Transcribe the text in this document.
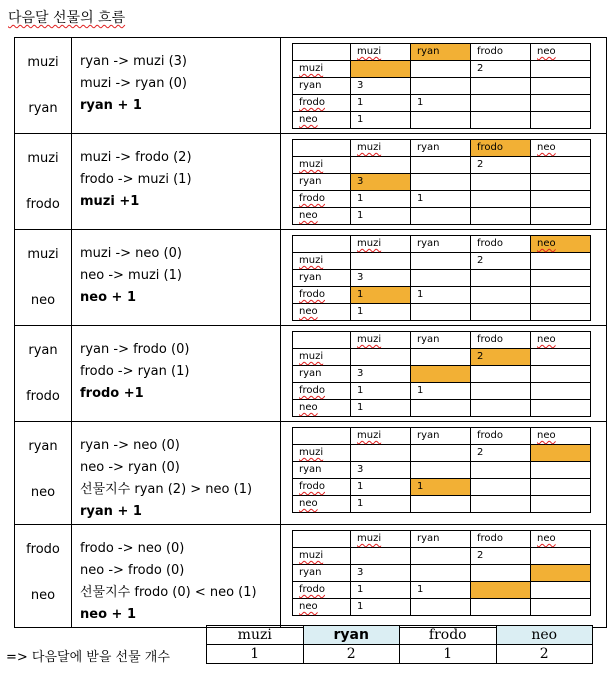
다음달 선물의 흐름
muzi
ryan

ryan -> muzi (3)
muzi -> ryan (0)
ryan + 1

	muzi	ryan	frodo	neo
muzi			2	
ryan	3			
frodo	1	1		
neo	1			

muzi
frodo

muzi -> frodo (2)
frodo -> muzi (1)
muzi +1

	muzi	ryan	frodo	neo
muzi			2	
ryan	3			
frodo	1	1		
neo	1			

muzi
neo

muzi -> neo (0)
neo -> muzi (1)
neo + 1

	muzi	ryan	frodo	neo
muzi			2	
ryan	3			
frodo	1	1		
neo	1			

ryan
frodo

ryan -> frodo (0)
frodo -> ryan (1)
frodo +1

	muzi	ryan	frodo	neo
muzi			2	
ryan	3			
frodo	1	1		
neo	1			

ryan
neo

ryan -> neo (0)
neo -> ryan (0)
선물지수 ryan (2) > neo (1)
ryan + 1

	muzi	ryan	frodo	neo
muzi			2	
ryan	3			
frodo	1	1		
neo	1			

frodo
neo

frodo -> neo (0)
neo -> frodo (0)
선물지수 frodo (0) < neo (1)
neo + 1

	muzi	ryan	frodo	neo
muzi			2	
ryan	3			
frodo	1	1		
neo	1			
=> 다음달에 받을 선물 개수
muzi	ryan	frodo	neo
1	2	1	2
